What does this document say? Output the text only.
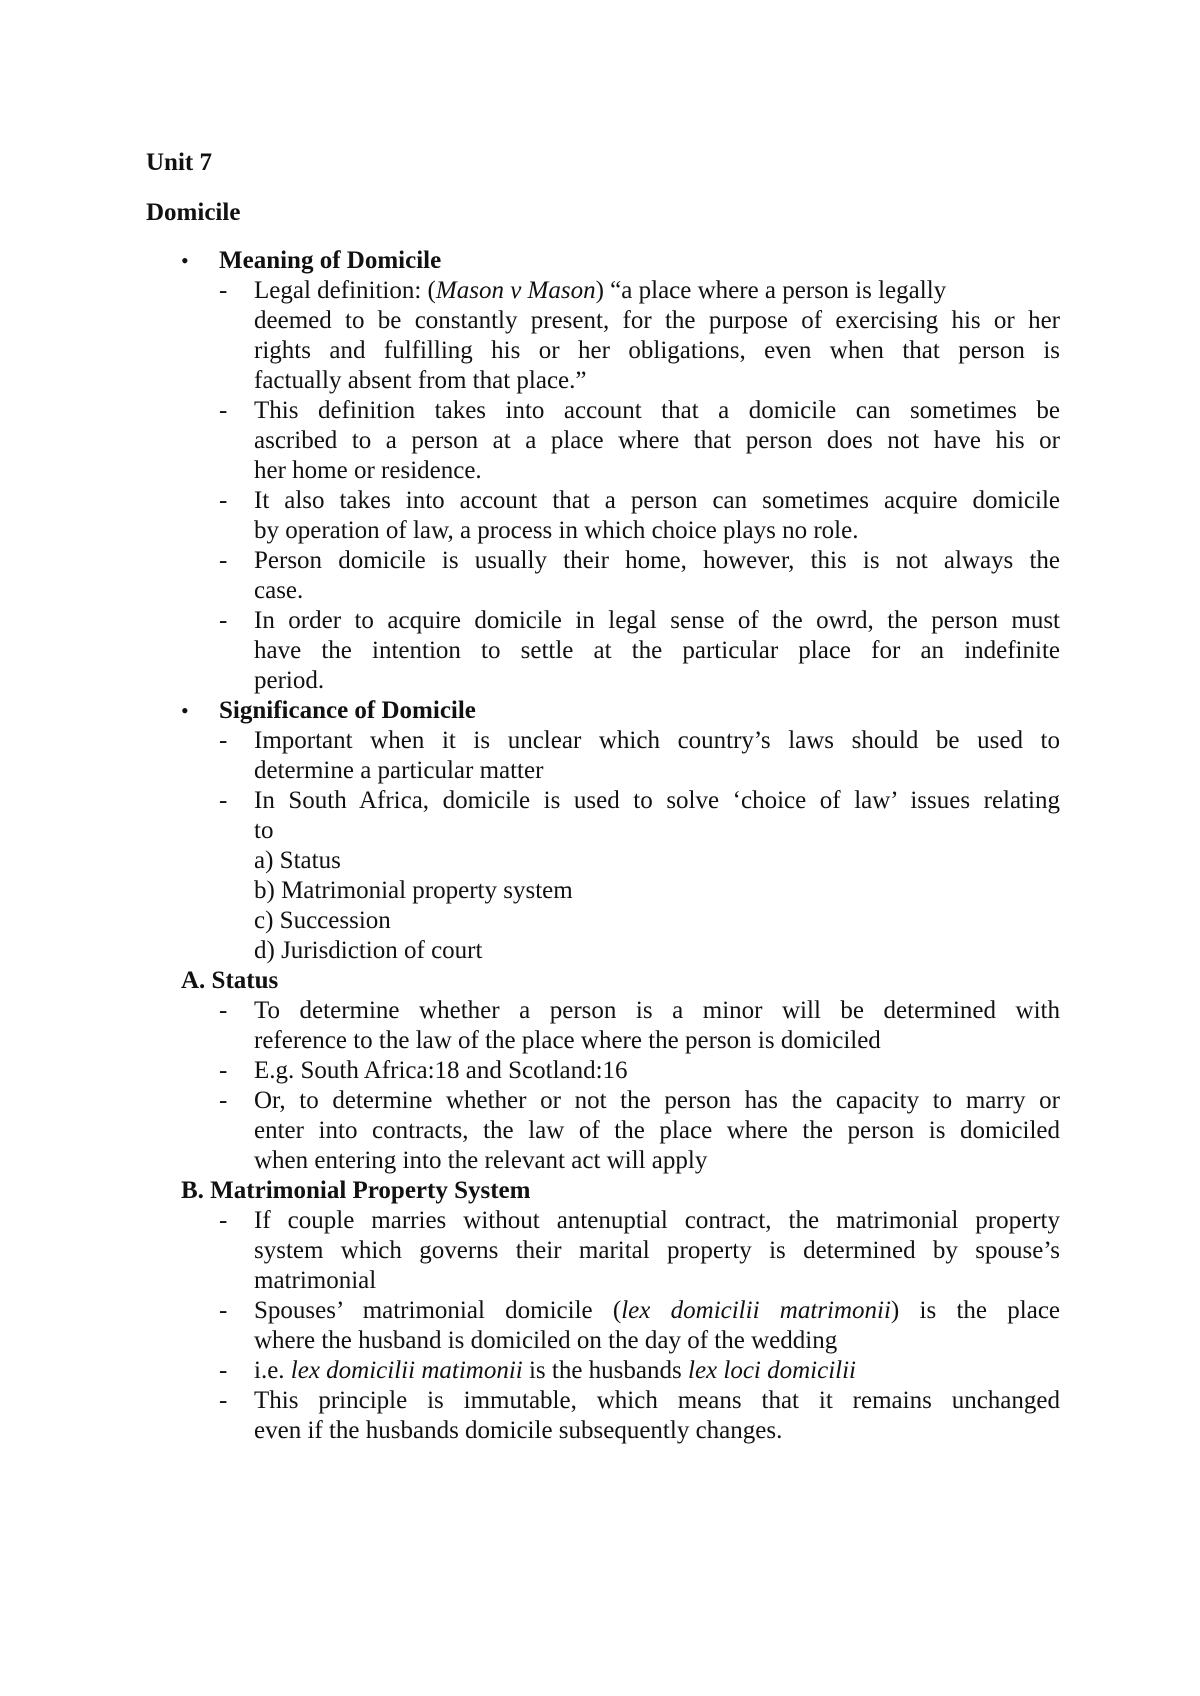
Unit 7
Domicile
• Meaning of Domicile
- Legal definition: (Mason v Mason) “a place where a person is legally
deemed to be constantly present, for the purpose of exercising his or her
rights and fulfilling his or her obligations, even when that person is
factually absent from that place.”
- This definition takes into account that a domicile can sometimes be
ascribed to a person at a place where that person does not have his or
her home or residence.
- It also takes into account that a person can sometimes acquire domicile
by operation of law, a process in which choice plays no role.
- Person domicile is usually their home, however, this is not always the
case.
- In order to acquire domicile in legal sense of the owrd, the person must
have the intention to settle at the particular place for an indefinite
period.
• Significance of Domicile
- Important when it is unclear which country’s laws should be used to
determine a particular matter
- In South Africa, domicile is used to solve ‘choice of law’ issues relating
to
a) Status
b) Matrimonial property system
c) Succession
d) Jurisdiction of court
A. Status
- To determine whether a person is a minor will be determined with
reference to the law of the place where the person is domiciled
- E.g. South Africa:18 and Scotland:16
- Or, to determine whether or not the person has the capacity to marry or
enter into contracts, the law of the place where the person is domiciled
when entering into the relevant act will apply
B. Matrimonial Property System
- If couple marries without antenuptial contract, the matrimonial property
system which governs their marital property is determined by spouse’s
matrimonial
- Spouses’ matrimonial domicile (lex domicilii matrimonii) is the place
where the husband is domiciled on the day of the wedding
- i.e. lex domicilii matimonii is the husbands lex loci domicilii
- This principle is immutable, which means that it remains unchanged
even if the husbands domicile subsequently changes.
